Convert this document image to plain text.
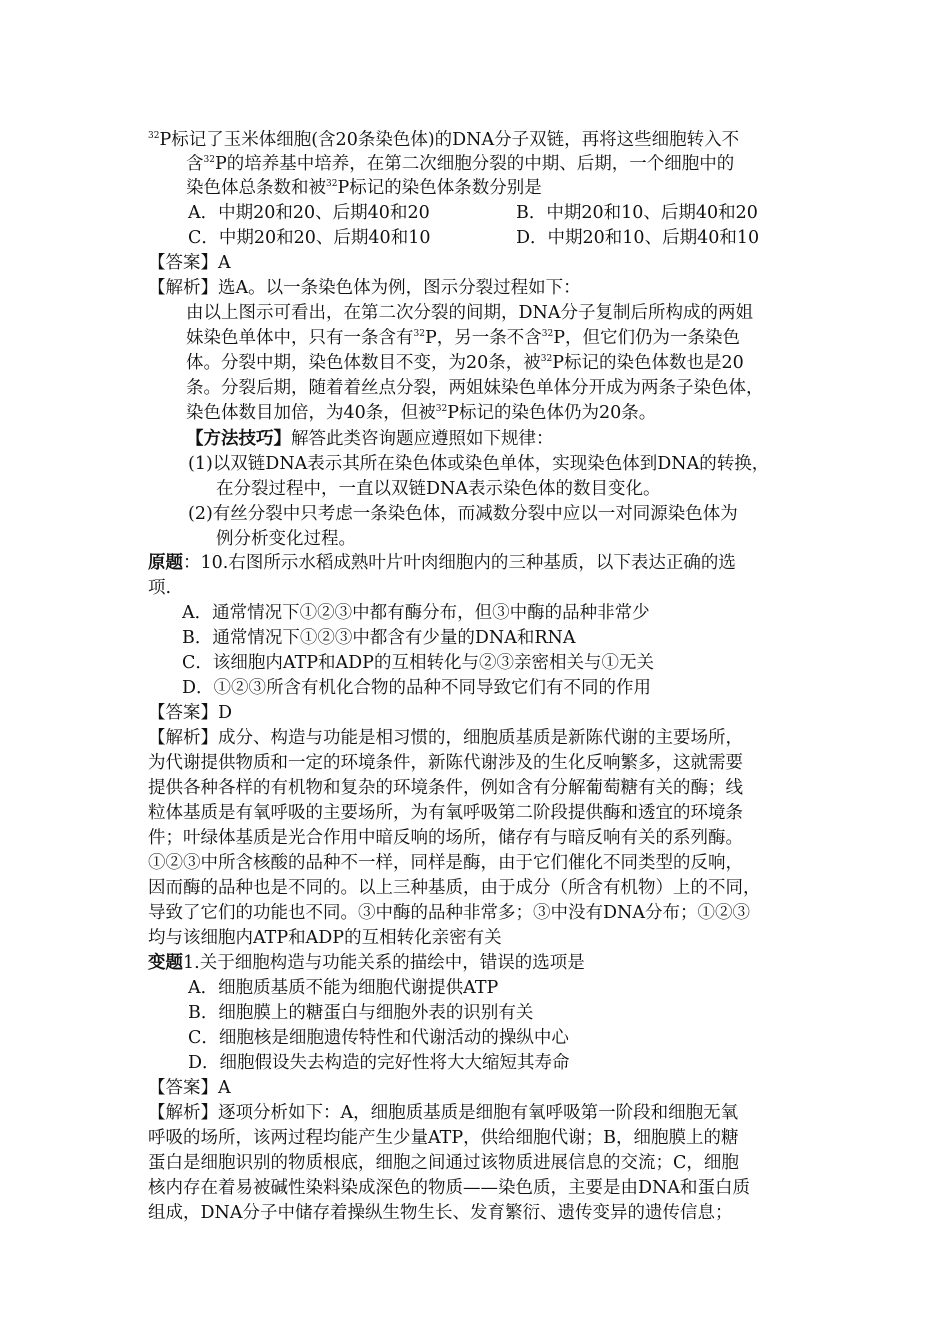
$^{32}$P标记了玉米体细胞(含20条染色体)的DNA分子双链，再将这些细胞转入不
含$^{32}$P的培养基中培养，在第二次细胞分裂的中期、后期，一个细胞中的
染色体总条数和被$^{32}$P标记的染色体条数分别是
A．中期20和20、后期40和20	B．中期20和10、后期40和20
C．中期20和20、后期40和10	D．中期20和10、后期40和10
【答案】A
【解析】选A。以一条染色体为例，图示分裂过程如下：
由以上图示可看出，在第二次分裂的间期，DNA分子复制后所构成的两姐
妹染色单体中，只有一条含有$^{32}$P，另一条不含$^{32}$P，但它们仍为一条染色
体。分裂中期，染色体数目不变，为20条，被$^{32}$P标记的染色体数也是20
条。分裂后期，随着着丝点分裂，两姐妹染色单体分开成为两条子染色体，
染色体数目加倍，为40条，但被$^{32}$P标记的染色体仍为20条。
【方法技巧】解答此类咨询题应遵照如下规律：
(1)以双链DNA表示其所在染色体或染色单体，实现染色体到DNA的转换，
在分裂过程中，一直以双链DNA表示染色体的数目变化。
(2)有丝分裂中只考虑一条染色体，而减数分裂中应以一对同源染色体为
例分析变化过程。
原题：10.右图所示水稻成熟叶片叶肉细胞内的三种基质，以下表达正确的选
项.
A．通常情况下①②③中都有酶分布，但③中酶的品种非常少
B．通常情况下①②③中都含有少量的DNA和RNA
C．该细胞内ATP和ADP的互相转化与②③亲密相关与①无关
D．①②③所含有机化合物的品种不同导致它们有不同的作用
【答案】D
【解析】成分、构造与功能是相习惯的，细胞质基质是新陈代谢的主要场所，
为代谢提供物质和一定的环境条件，新陈代谢涉及的生化反响繁多，这就需要
提供各种各样的有机物和复杂的环境条件，例如含有分解葡萄糖有关的酶；线
粒体基质是有氧呼吸的主要场所，为有氧呼吸第二阶段提供酶和透宜的环境条
件；叶绿体基质是光合作用中暗反响的场所，储存有与暗反响有关的系列酶。
①②③中所含核酸的品种不一样，同样是酶，由于它们催化不同类型的反响，
因而酶的品种也是不同的。以上三种基质，由于成分（所含有机物）上的不同，
导致了它们的功能也不同。③中酶的品种非常多；③中没有DNA分布；①②③
均与该细胞内ATP和ADP的互相转化亲密有关
变题1.关于细胞构造与功能关系的描绘中，错误的选项是
A．细胞质基质不能为细胞代谢提供ATP
B．细胞膜上的糖蛋白与细胞外表的识别有关
C．细胞核是细胞遗传特性和代谢活动的操纵中心
D．细胞假设失去构造的完好性将大大缩短其寿命
【答案】A
【解析】逐项分析如下：A，细胞质基质是细胞有氧呼吸第一阶段和细胞无氧
呼吸的场所，该两过程均能产生少量ATP，供给细胞代谢；B，细胞膜上的糖
蛋白是细胞识别的物质根底，细胞之间通过该物质进展信息的交流；C，细胞
核内存在着易被碱性染料染成深色的物质——染色质，主要是由DNA和蛋白质
组成，DNA分子中储存着操纵生物生长、发育繁衍、遗传变异的遗传信息；
